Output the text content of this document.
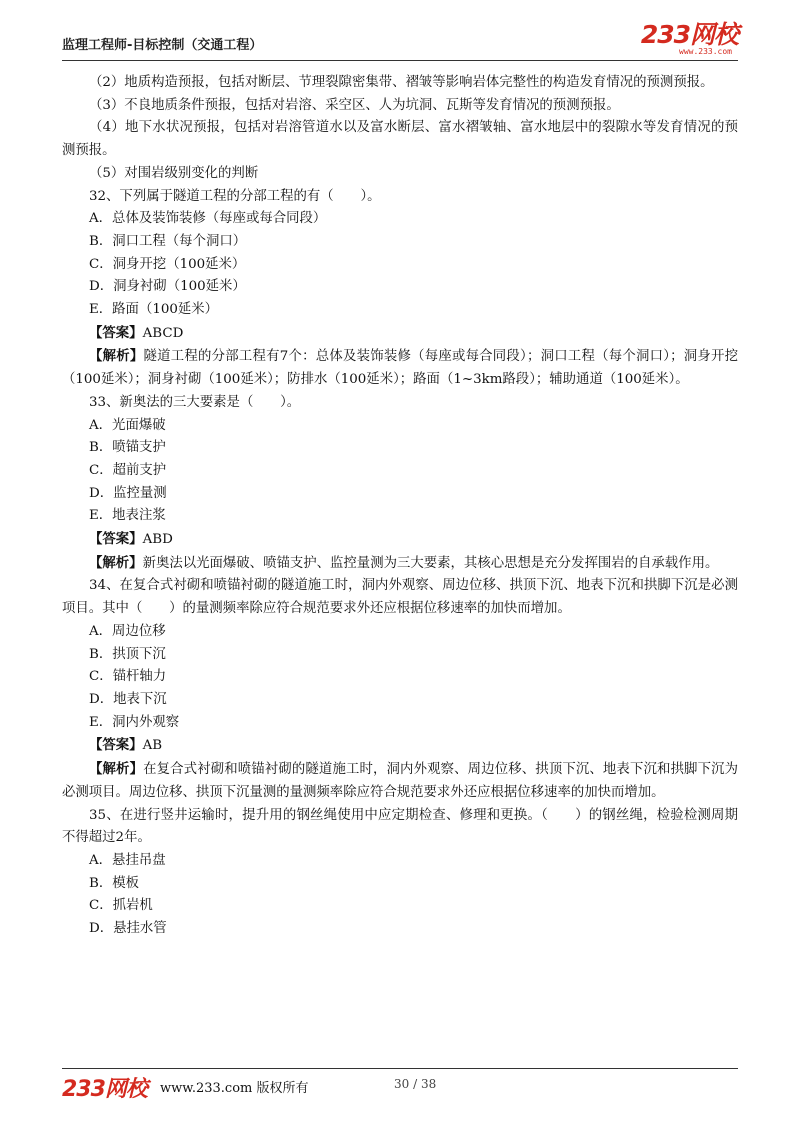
监理工程师-目标控制（交通工程）	233网校
www.233.com

（2）地质构造预报，包括对断层、节理裂隙密集带、褶皱等影响岩体完整性的构造发育情况的预测预报。

（3）不良地质条件预报，包括对岩溶、采空区、人为坑洞、瓦斯等发育情况的预测预报。

（4）地下水状况预报，包括对岩溶管道水以及富水断层、富水褶皱轴、富水地层中的裂隙水等发育情况的预测预报。

（5）对围岩级别变化的判断

32、下列属于隧道工程的分部工程的有（　　）。

A．总体及装饰装修（每座或每合同段）

B．洞口工程（每个洞口）

C．洞身开挖（100延米）

D．洞身衬砌（100延米）

E．路面（100延米）

【答案】ABCD

【解析】隧道工程的分部工程有7个：总体及装饰装修（每座或每合同段）；洞口工程（每个洞口）；洞身开挖（100延米）；洞身衬砌（100延米）；防排水（100延米）；路面（1~3km路段）；辅助通道（100延米）。

33、新奥法的三大要素是（　　）。

A．光面爆破

B．喷锚支护

C．超前支护

D．监控量测

E．地表注浆

【答案】ABD

【解析】新奥法以光面爆破、喷锚支护、监控量测为三大要素，其核心思想是充分发挥围岩的自承载作用。

34、在复合式衬砌和喷锚衬砌的隧道施工时，洞内外观察、周边位移、拱顶下沉、地表下沉和拱脚下沉是必测项目。其中（　　）的量测频率除应符合规范要求外还应根据位移速率的加快而增加。

A．周边位移

B．拱顶下沉

C．锚杆轴力

D．地表下沉

E．洞内外观察

【答案】AB

【解析】在复合式衬砌和喷锚衬砌的隧道施工时，洞内外观察、周边位移、拱顶下沉、地表下沉和拱脚下沉为必测项目。周边位移、拱顶下沉量测的量测频率除应符合规范要求外还应根据位移速率的加快而增加。

35、在进行竖井运输时，提升用的钢丝绳使用中应定期检查、修理和更换。（　　）的钢丝绳，检验检测周期不得超过2年。

A．悬挂吊盘

B．模板

C．抓岩机

D．悬挂水管

233网校 www.233.com 版权所有	30 / 38
